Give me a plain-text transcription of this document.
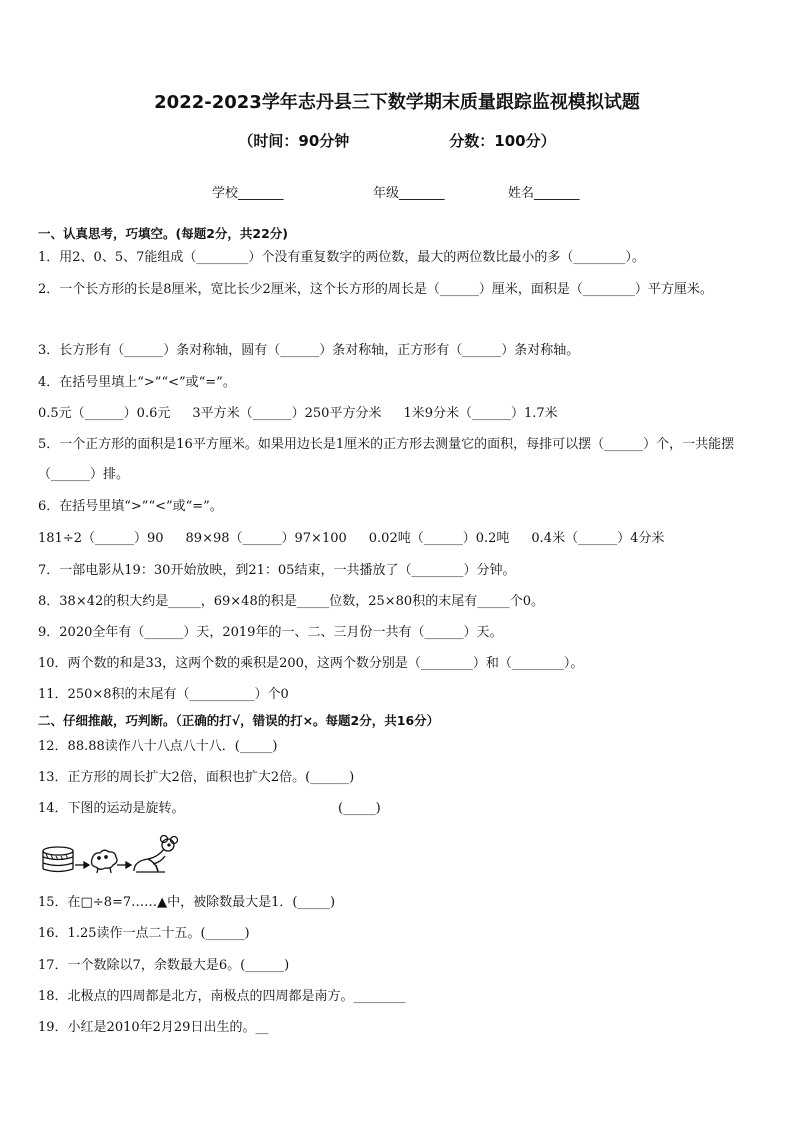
2022-2023学年志丹县三下数学期末质量跟踪监视模拟试题
（时间：90分钟	分数：100分）
学校_______	年级_______	姓名_______
一、认真思考，巧填空。(每题2分，共22分)
1．用2、0、5、7能组成（________）个没有重复数字的两位数，最大的两位数比最小的多（________）。
2．一个长方形的长是8厘米，宽比长少2厘米，这个长方形的周长是（______）厘米，面积是（________）平方厘米。
3．长方形有（______）条对称轴，圆有（______）条对称轴，正方形有（______）条对称轴。
4．在括号里填上“>”“<”或“=”。
0.5元（______）0.6元 3平方米（______）250平方分米 1米9分米（______）1.7米
5．一个正方形的面积是16平方厘米。如果用边长是1厘米的正方形去测量它的面积，每排可以摆（______）个，一共能摆（______）排。
6．在括号里填“>”“<”或“=”。
181÷2（______）90 89×98（______）97×100 0.02吨（______）0.2吨 0.4米（______）4分米
7．一部电影从19：30开始放映，到21：05结束，一共播放了（________）分钟。
8．38×42的积大约是_____，69×48的积是_____位数，25×80积的末尾有_____个0。
9．2020全年有（______）天，2019年的一、二、三月份一共有（______）天。
10．两个数的和是33，这两个数的乘积是200，这两个数分别是（________）和（________）。
11．250×8积的末尾有（__________）个0
二、仔细推敲，巧判断。（正确的打√，错误的打×。每题2分，共16分）
12．88.88读作八十八点八十八．(_____)
13．正方形的周长扩大2倍，面积也扩大2倍。(______)
14．下图的运动是旋转。	(_____)
15．在□÷8=7……▲中，被除数最大是1．(_____)
16．1.25读作一点二十五。(______)
17．一个数除以7，余数最大是6。(______)
18．北极点的四周都是北方，南极点的四周都是南方。________
19．小红是2010年2月29日出生的。__
